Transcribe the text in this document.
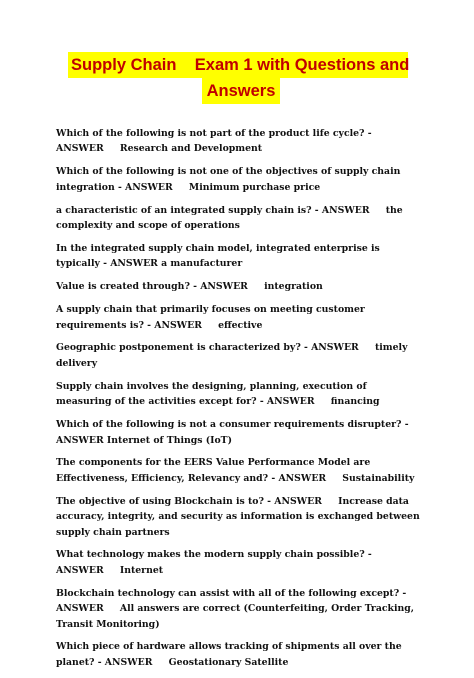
Supply Chain    Exam 1 with Questions and
Answers

Which of the following is not part of the product life cycle? - ANSWER     Research and Development

Which of the following is not one of the objectives of supply chain integration - ANSWER     Minimum purchase price

a characteristic of an integrated supply chain is? - ANSWER     the complexity and scope of operations

In the integrated supply chain model, integrated enterprise is typically - ANSWER a manufacturer

Value is created through? - ANSWER     integration

A supply chain that primarily focuses on meeting customer requirements is? - ANSWER     effective

Geographic postponement is characterized by? - ANSWER     timely delivery

Supply chain involves the designing, planning, execution of measuring of the activities except for? - ANSWER     financing

Which of the following is not a consumer requirements disrupter? - ANSWER Internet of Things (IoT)

The components for the EERS Value Performance Model are Effectiveness, Efficiency, Relevancy and? - ANSWER     Sustainability

The objective of using Blockchain is to? - ANSWER     Increase data accuracy, integrity, and security as information is exchanged between supply chain partners

What technology makes the modern supply chain possible? - ANSWER     Internet

Blockchain technology can assist with all of the following except? - ANSWER     All answers are correct (Counterfeiting, Order Tracking, Transit Monitoring)

Which piece of hardware allows tracking of shipments all over the planet? - ANSWER     Geostationary Satellite
